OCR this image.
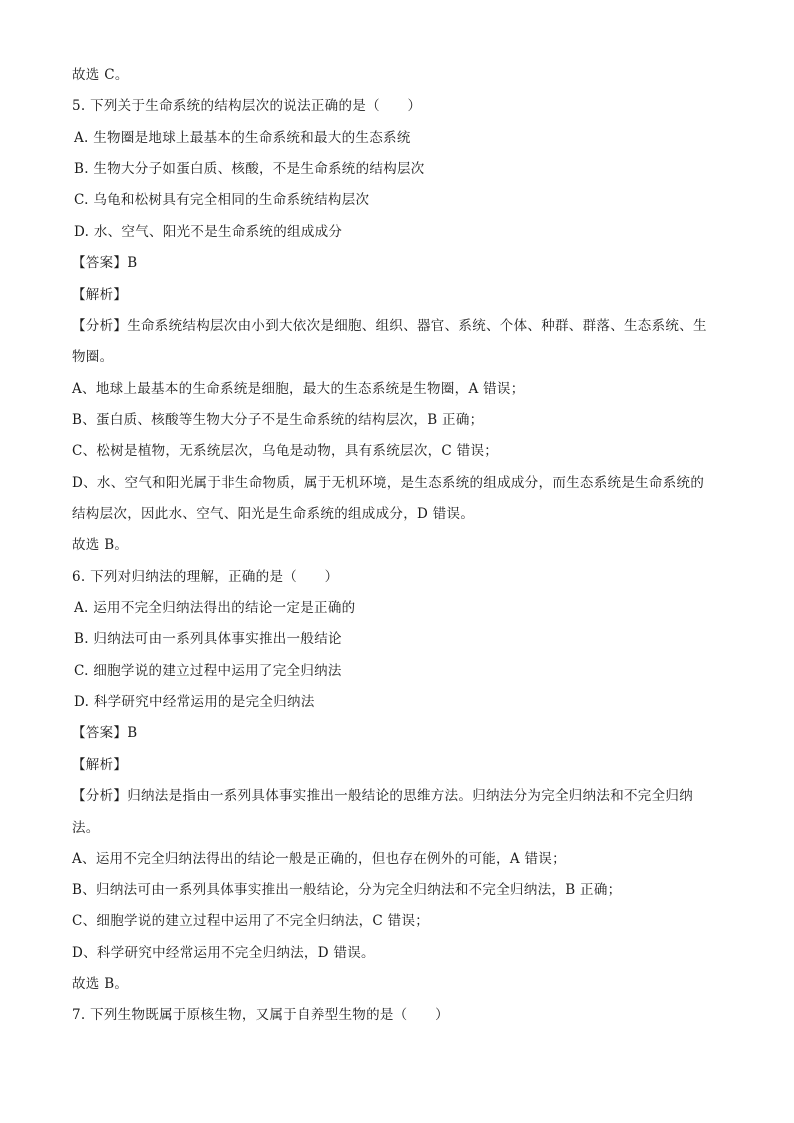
故选 C。
5. 下列关于生命系统的结构层次的说法正确的是（　　）
A. 生物圈是地球上最基本的生命系统和最大的生态系统
B. 生物大分子如蛋白质、核酸，不是生命系统的结构层次
C. 乌龟和松树具有完全相同的生命系统结构层次
D. 水、空气、阳光不是生命系统的组成成分
【答案】B
【解析】
【分析】生命系统结构层次由小到大依次是细胞、组织、器官、系统、个体、种群、群落、生态系统、生
物圈。
A、地球上最基本的生命系统是细胞，最大的生态系统是生物圈，A 错误；
B、蛋白质、核酸等生物大分子不是生命系统的结构层次，B 正确；
C、松树是植物，无系统层次，乌龟是动物，具有系统层次，C 错误；
D、水、空气和阳光属于非生命物质，属于无机环境，是生态系统的组成成分，而生态系统是生命系统的
结构层次，因此水、空气、阳光是生命系统的组成成分，D 错误。
故选 B。
6. 下列对归纳法的理解，正确的是（　　）
A. 运用不完全归纳法得出的结论一定是正确的
B. 归纳法可由一系列具体事实推出一般结论
C. 细胞学说的建立过程中运用了完全归纳法
D. 科学研究中经常运用的是完全归纳法
【答案】B
【解析】
【分析】归纳法是指由一系列具体事实推出一般结论的思维方法。归纳法分为完全归纳法和不完全归纳
法。
A、运用不完全归纳法得出的结论一般是正确的，但也存在例外的可能，A 错误；
B、归纳法可由一系列具体事实推出一般结论，分为完全归纳法和不完全归纳法，B 正确；
C、细胞学说的建立过程中运用了不完全归纳法，C 错误；
D、科学研究中经常运用不完全归纳法，D 错误。
故选 B。
7. 下列生物既属于原核生物，又属于自养型生物的是（　　）
